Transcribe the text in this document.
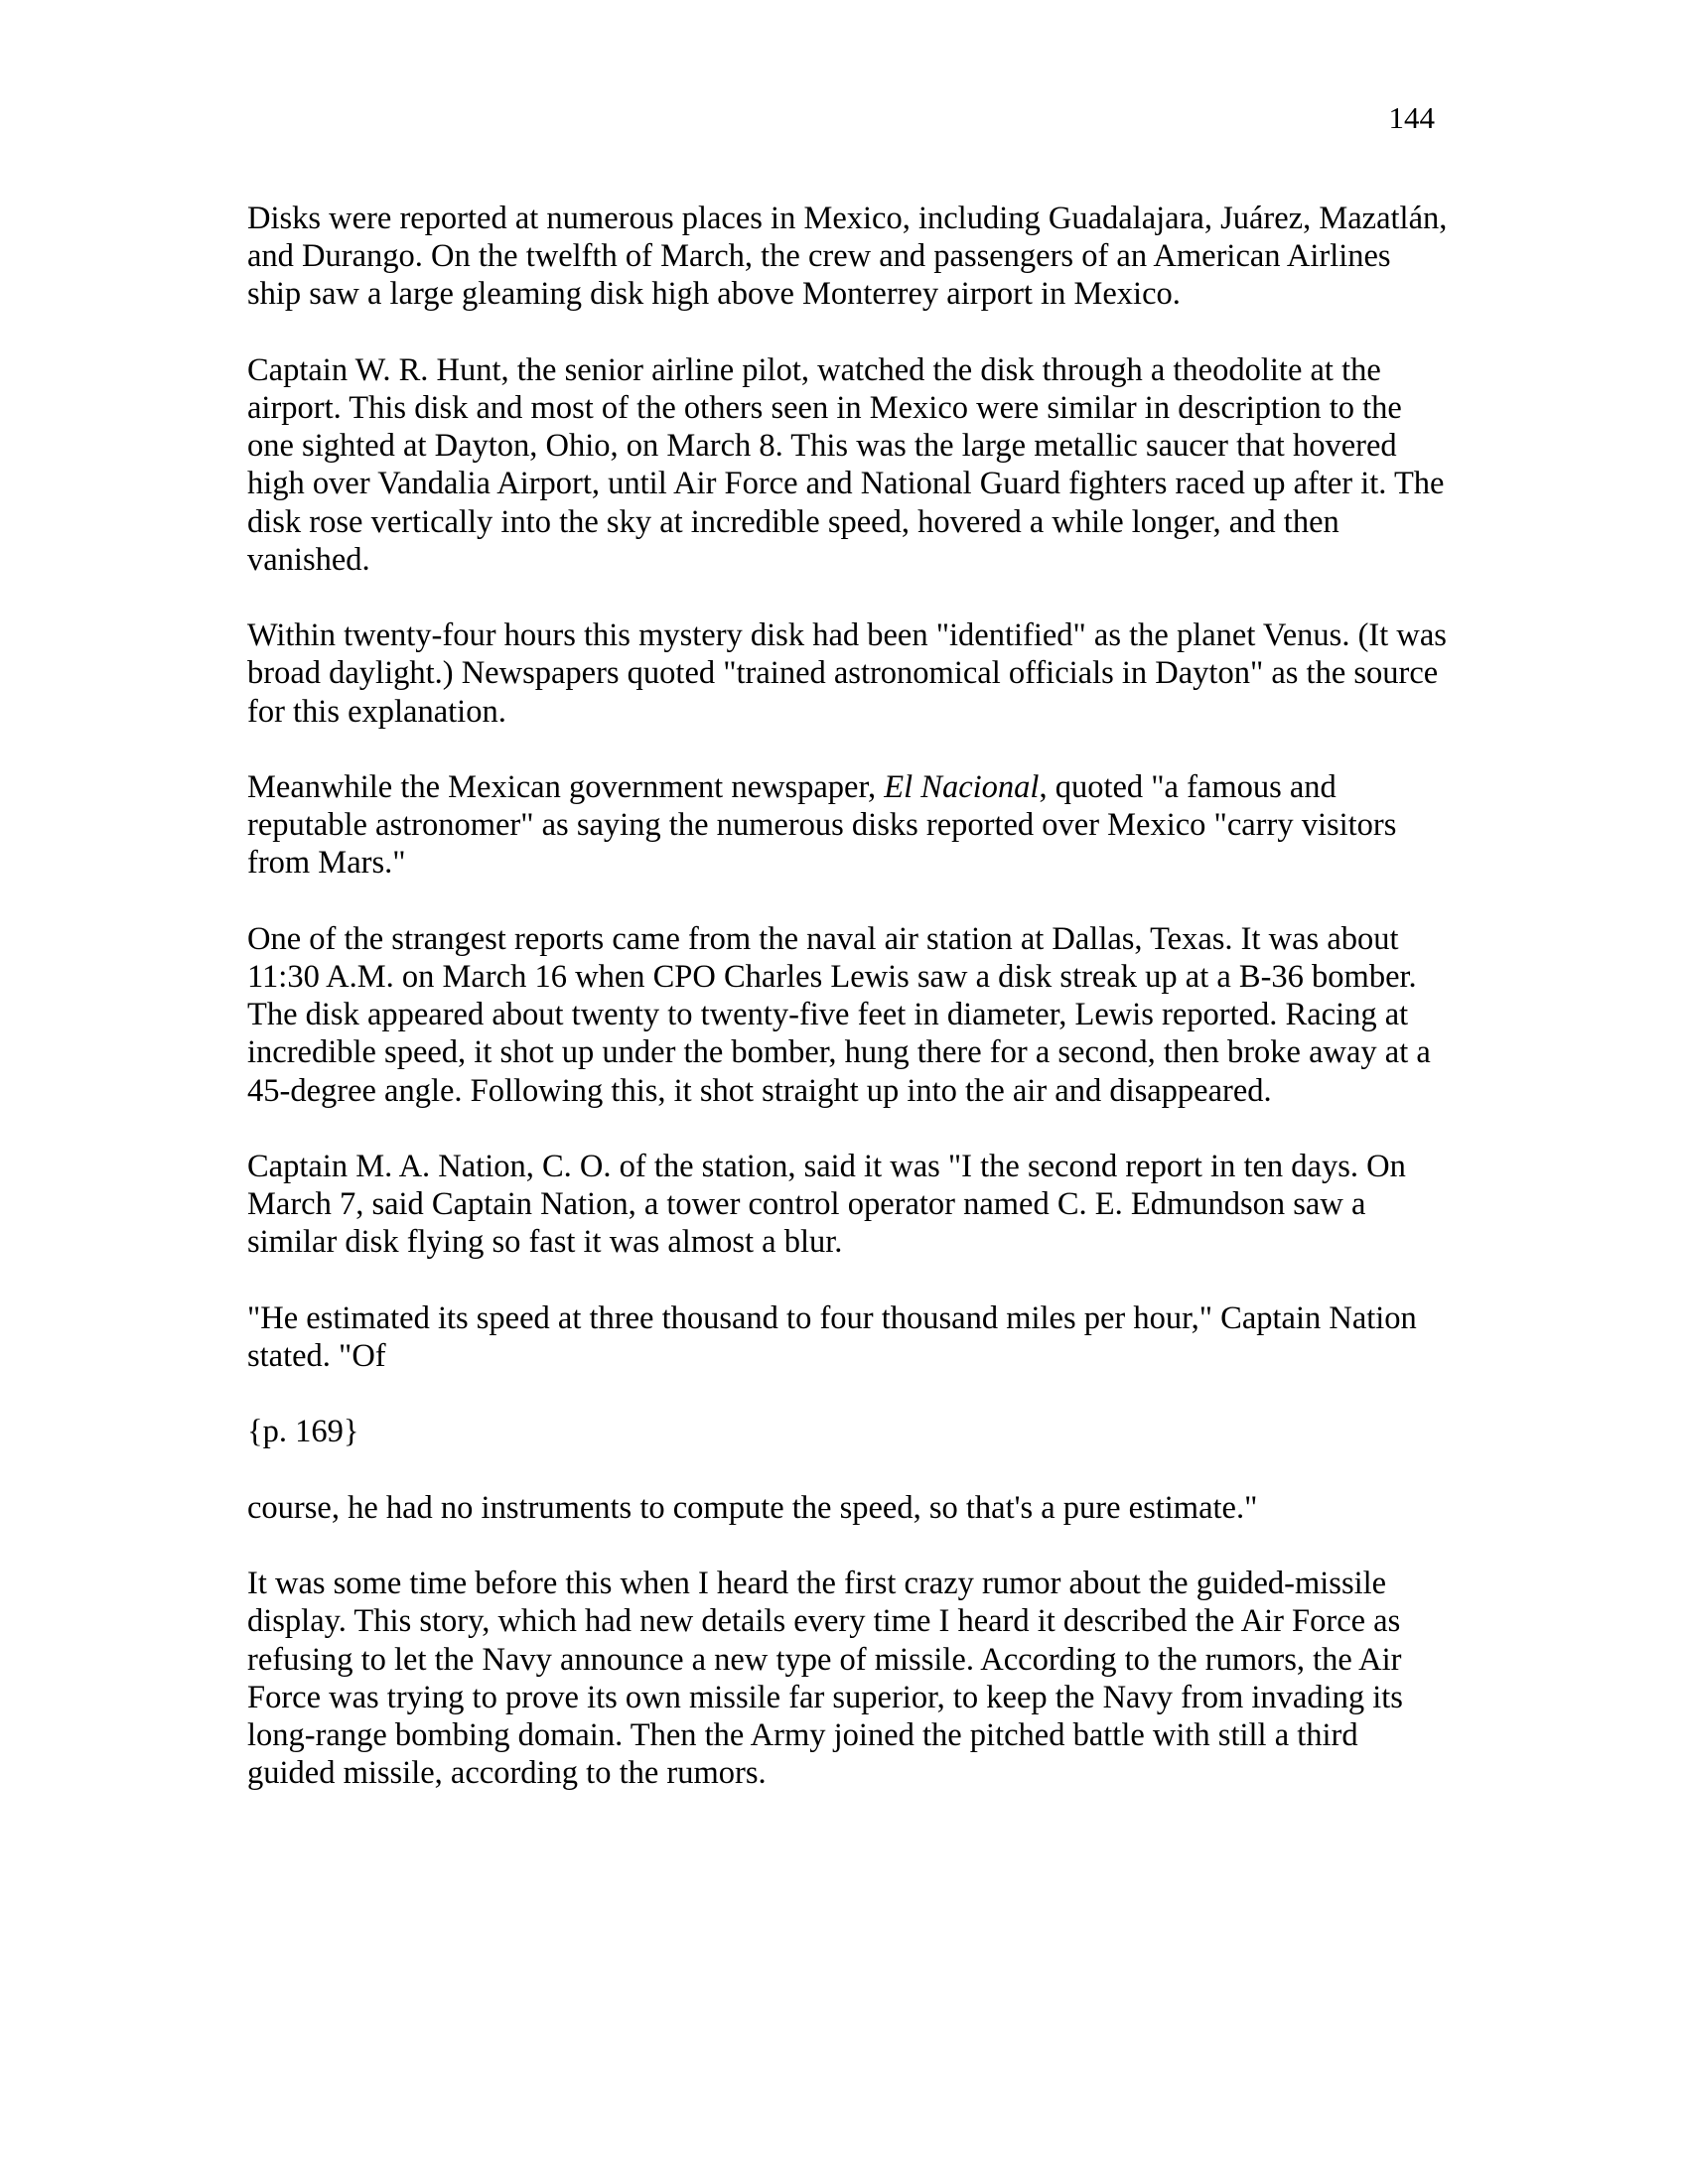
144

Disks were reported at numerous places in Mexico, including Guadalajara, Juárez, Mazatlán, and Durango. On the twelfth of March, the crew and passengers of an American Airlines ship saw a large gleaming disk high above Monterrey airport in Mexico.

Captain W. R. Hunt, the senior airline pilot, watched the disk through a theodolite at the airport. This disk and most of the others seen in Mexico were similar in description to the one sighted at Dayton, Ohio, on March 8. This was the large metallic saucer that hovered high over Vandalia Airport, until Air Force and National Guard fighters raced up after it. The disk rose vertically into the sky at incredible speed, hovered a while longer, and then vanished.

Within twenty-four hours this mystery disk had been "identified" as the planet Venus. (It was broad daylight.) Newspapers quoted "trained astronomical officials in Dayton" as the source for this explanation.

Meanwhile the Mexican government newspaper, El Nacional, quoted "a famous and reputable astronomer" as saying the numerous disks reported over Mexico "carry visitors from Mars."

One of the strangest reports came from the naval air station at Dallas, Texas. It was about 11:30 A.M. on March 16 when CPO Charles Lewis saw a disk streak up at a B-36 bomber. The disk appeared about twenty to twenty-five feet in diameter, Lewis reported. Racing at incredible speed, it shot up under the bomber, hung there for a second, then broke away at a 45-degree angle. Following this, it shot straight up into the air and disappeared.

Captain M. A. Nation, C. O. of the station, said it was "I the second report in ten days. On March 7, said Captain Nation, a tower control operator named C. E. Edmundson saw a similar disk flying so fast it was almost a blur.

"He estimated its speed at three thousand to four thousand miles per hour," Captain Nation stated. "Of

{p. 169}

course, he had no instruments to compute the speed, so that's a pure estimate."

It was some time before this when I heard the first crazy rumor about the guided-missile display. This story, which had new details every time I heard it described the Air Force as refusing to let the Navy announce a new type of missile. According to the rumors, the Air Force was trying to prove its own missile far superior, to keep the Navy from invading its long-range bombing domain. Then the Army joined the pitched battle with still a third guided missile, according to the rumors.
